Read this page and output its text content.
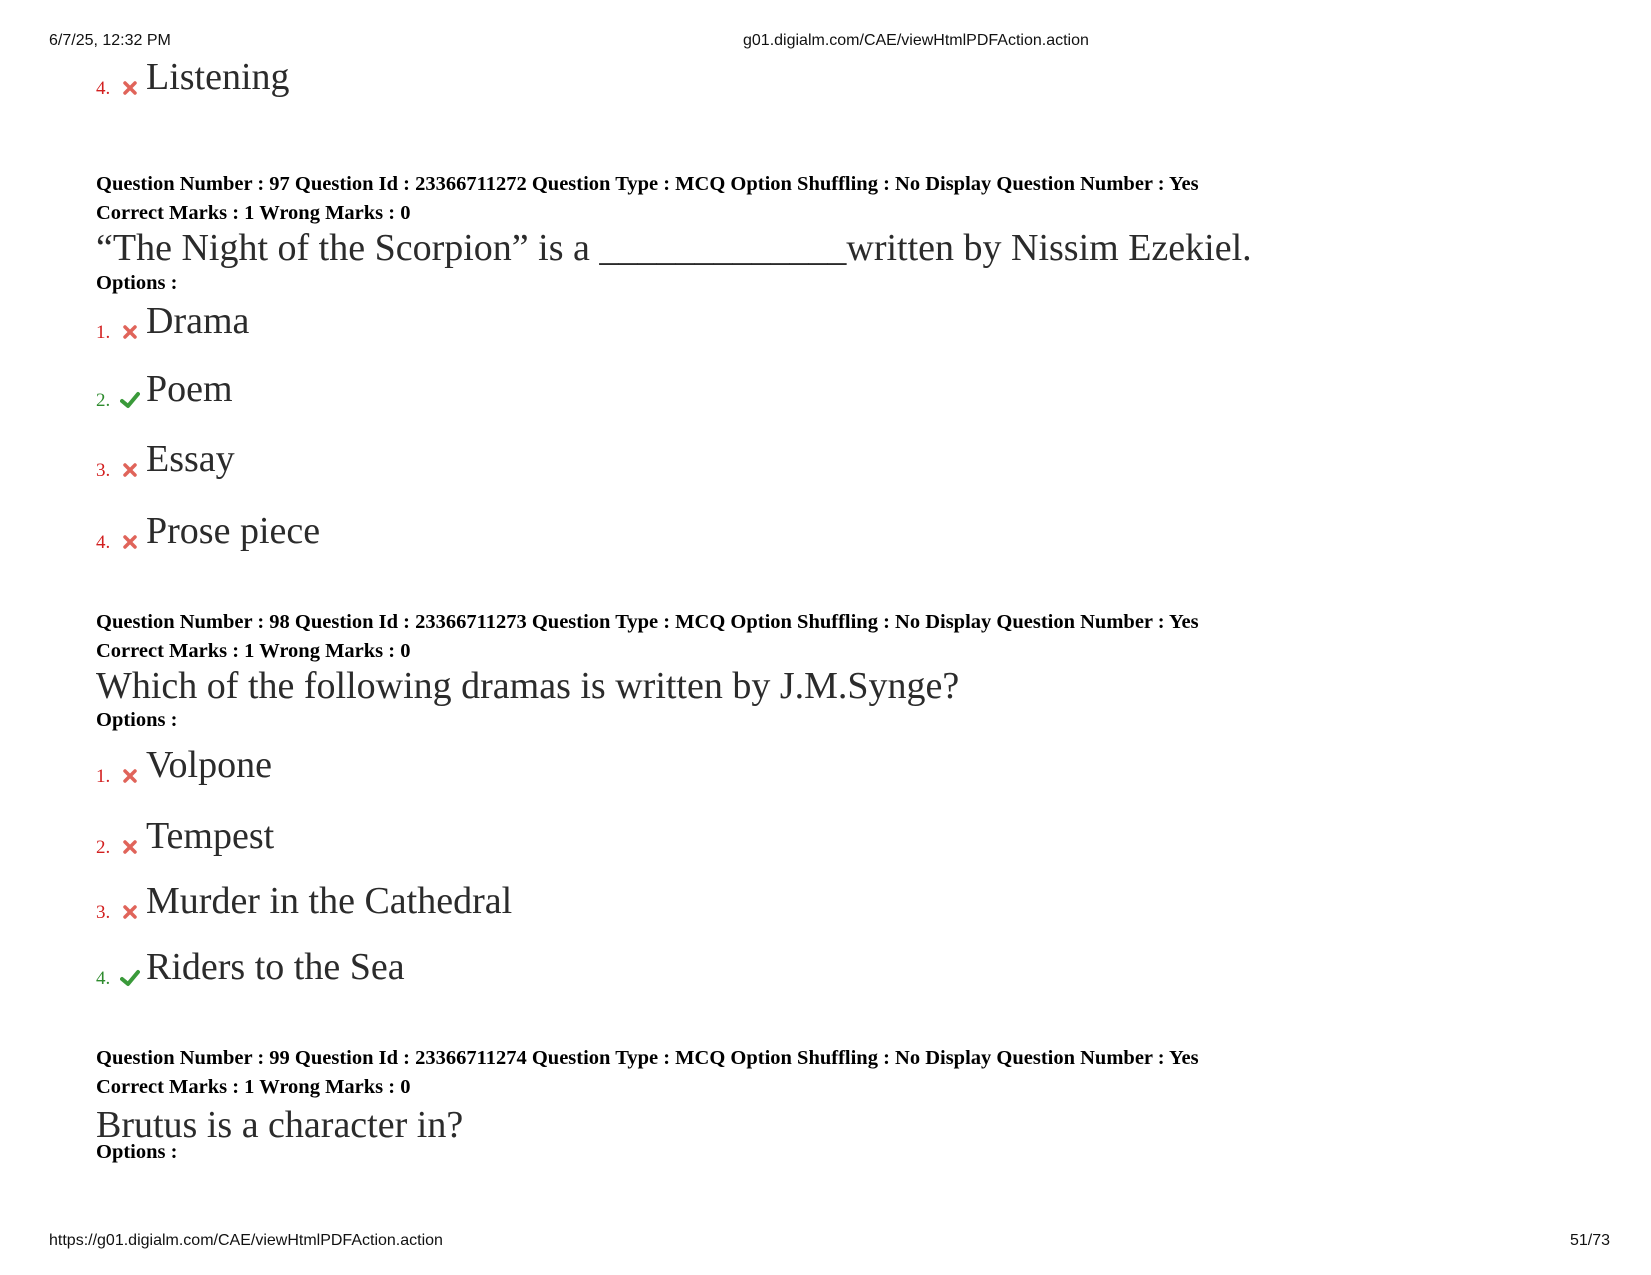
6/7/25, 12:32 PM	g01.digialm.com/CAE/viewHtmlPDFAction.action
https://g01.digialm.com/CAE/viewHtmlPDFAction.action	51/73
4. Listening
Question Number : 97 Question Id : 23366711272 Question Type : MCQ Option Shuffling : No Display Question Number : Yes
Correct Marks : 1 Wrong Marks : 0
“The Night of the Scorpion” is a _____________written by Nissim Ezekiel.
Options :
1. Drama
2. Poem
3. Essay
4. Prose piece
Question Number : 98 Question Id : 23366711273 Question Type : MCQ Option Shuffling : No Display Question Number : Yes
Correct Marks : 1 Wrong Marks : 0
Which of the following dramas is written by J.M.Synge?
Options :
1. Volpone
2. Tempest
3. Murder in the Cathedral
4. Riders to the Sea
Question Number : 99 Question Id : 23366711274 Question Type : MCQ Option Shuffling : No Display Question Number : Yes
Correct Marks : 1 Wrong Marks : 0
Brutus is a character in?
Options :
